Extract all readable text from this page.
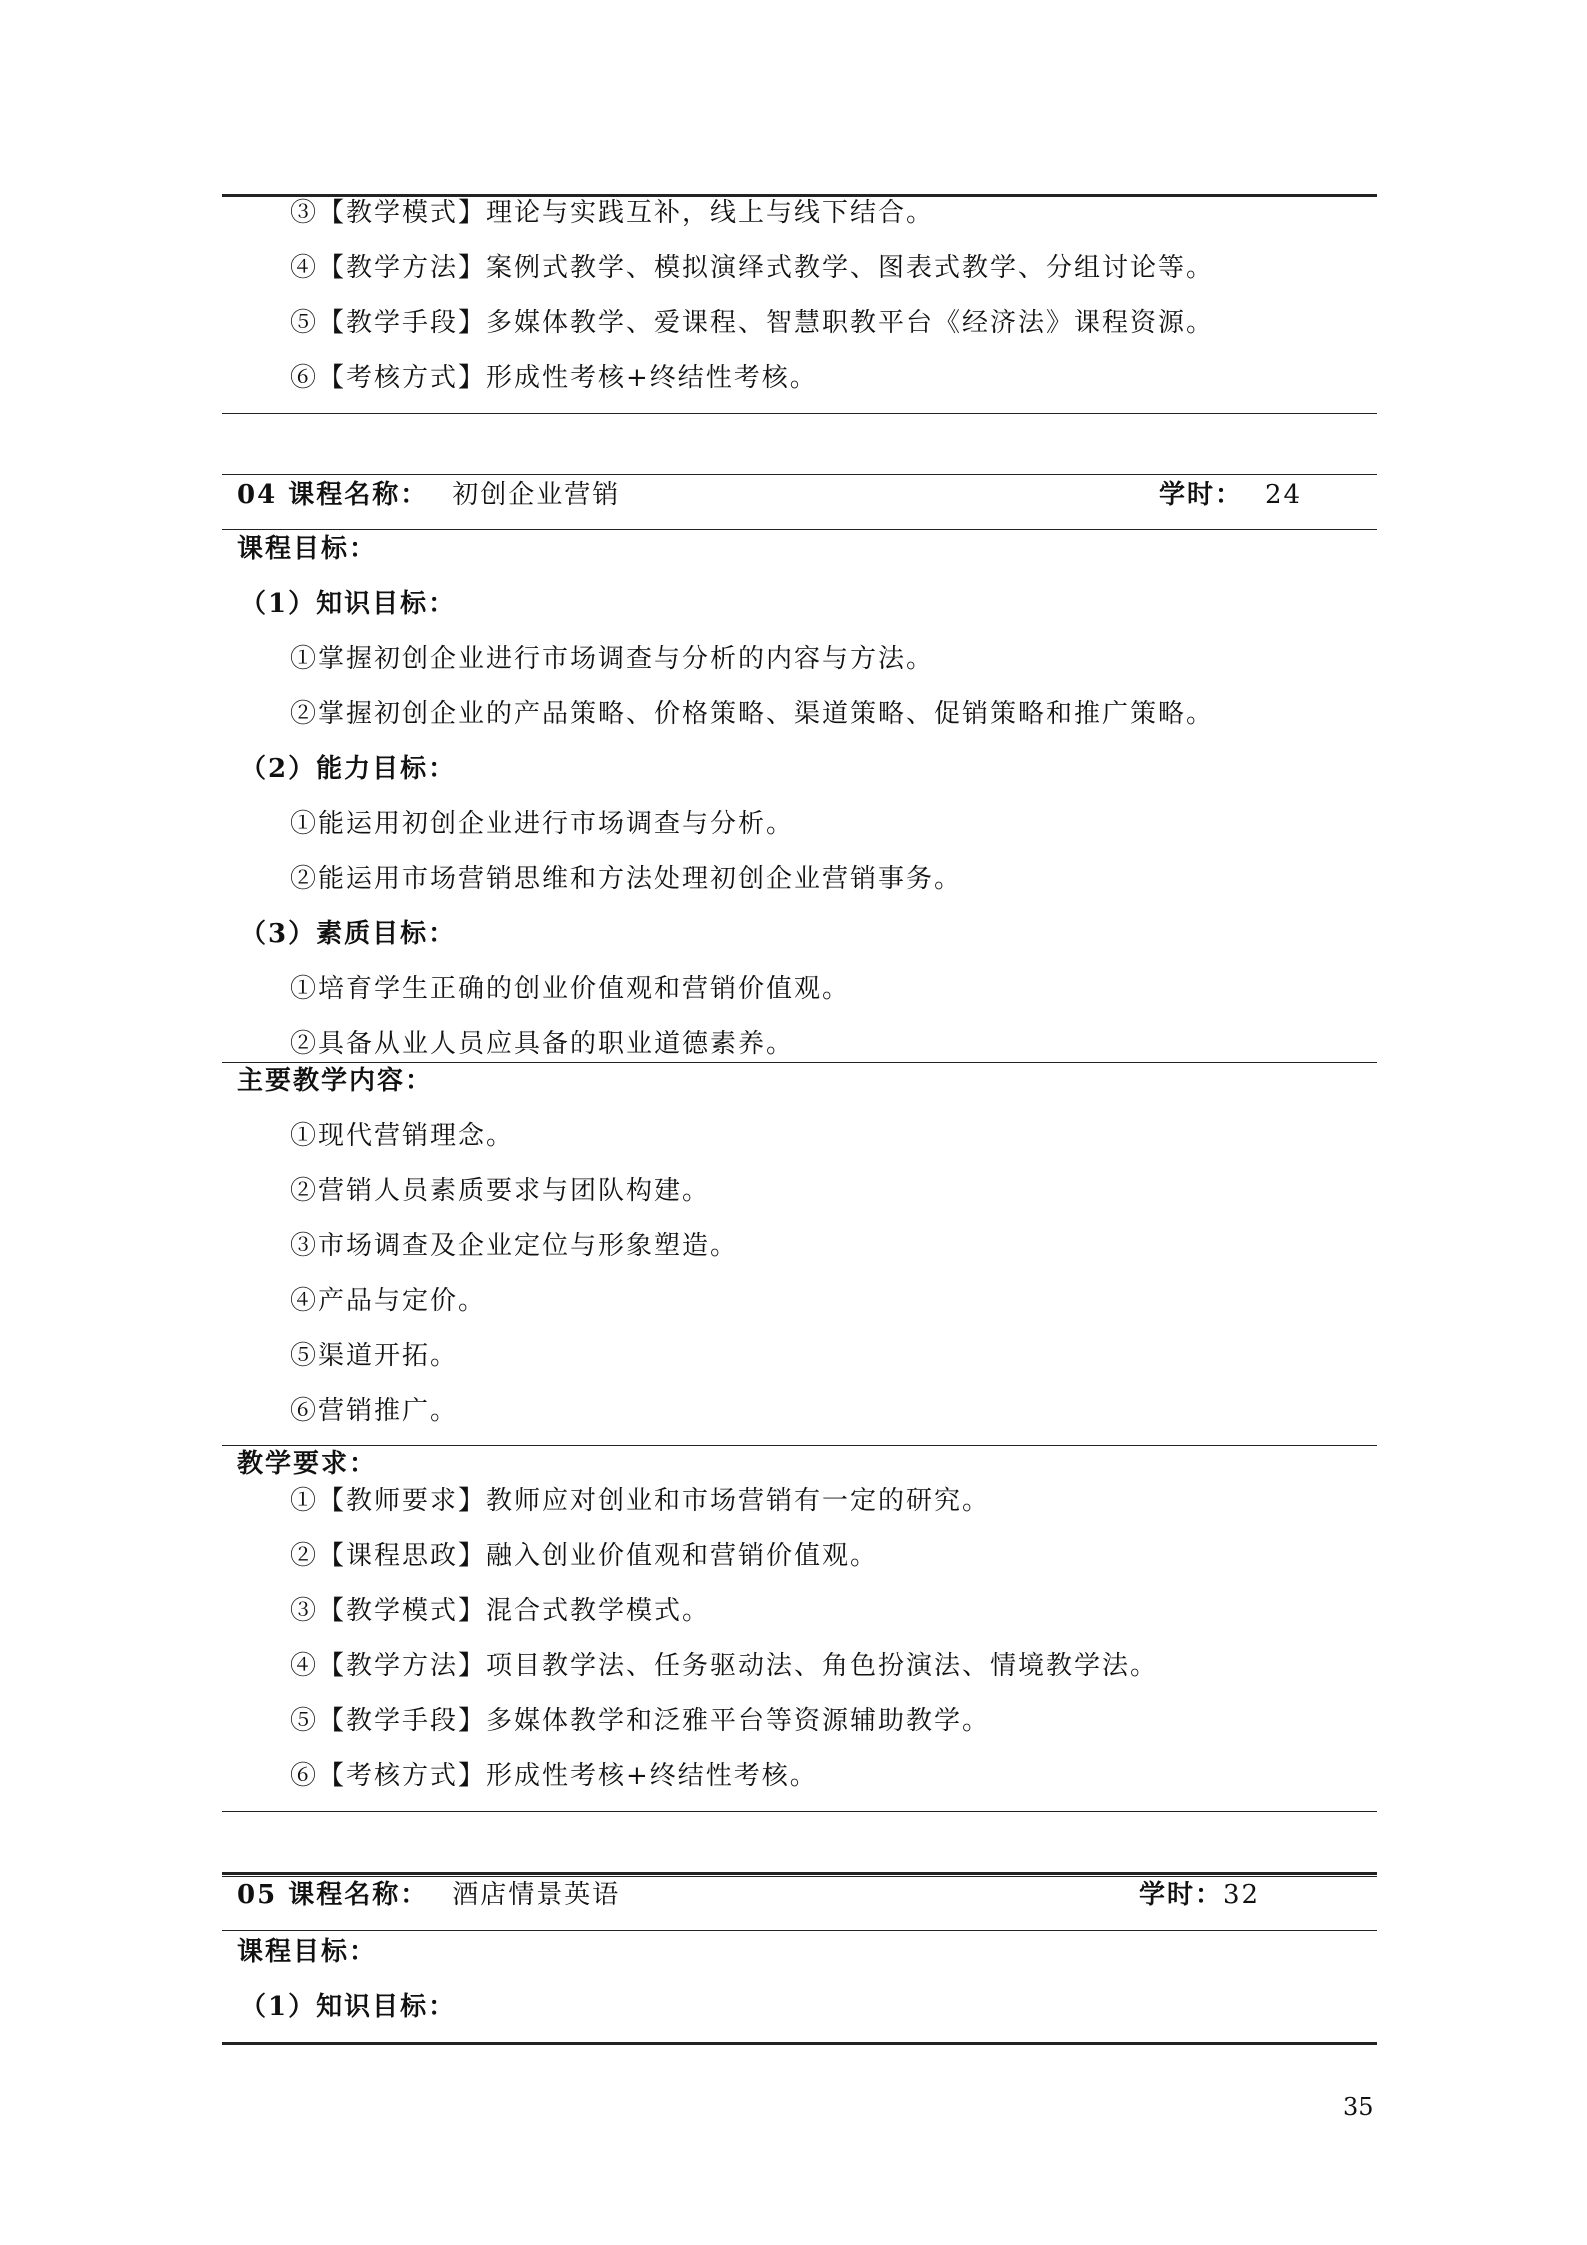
③【教学模式】理论与实践互补，线上与线下结合。
④【教学方法】案例式教学、模拟演绎式教学、图表式教学、分组讨论等。
⑤【教学手段】多媒体教学、爱课程、智慧职教平台《经济法》课程资源。
⑥【考核方式】形成性考核+终结性考核。
04 课程名称： 初创企业营销	学时： 24
课程目标：
（1）知识目标：
①掌握初创企业进行市场调查与分析的内容与方法。
②掌握初创企业的产品策略、价格策略、渠道策略、促销策略和推广策略。
（2）能力目标：
①能运用初创企业进行市场调查与分析。
②能运用市场营销思维和方法处理初创企业营销事务。
（3）素质目标：
①培育学生正确的创业价值观和营销价值观。
②具备从业人员应具备的职业道德素养。
主要教学内容：
①现代营销理念。
②营销人员素质要求与团队构建。
③市场调查及企业定位与形象塑造。
④产品与定价。
⑤渠道开拓。
⑥营销推广。
教学要求：
①【教师要求】教师应对创业和市场营销有一定的研究。
②【课程思政】融入创业价值观和营销价值观。
③【教学模式】混合式教学模式。
④【教学方法】项目教学法、任务驱动法、角色扮演法、情境教学法。
⑤【教学手段】多媒体教学和泛雅平台等资源辅助教学。
⑥【考核方式】形成性考核+终结性考核。
05 课程名称： 酒店情景英语	学时：32
课程目标：
（1）知识目标：
35
